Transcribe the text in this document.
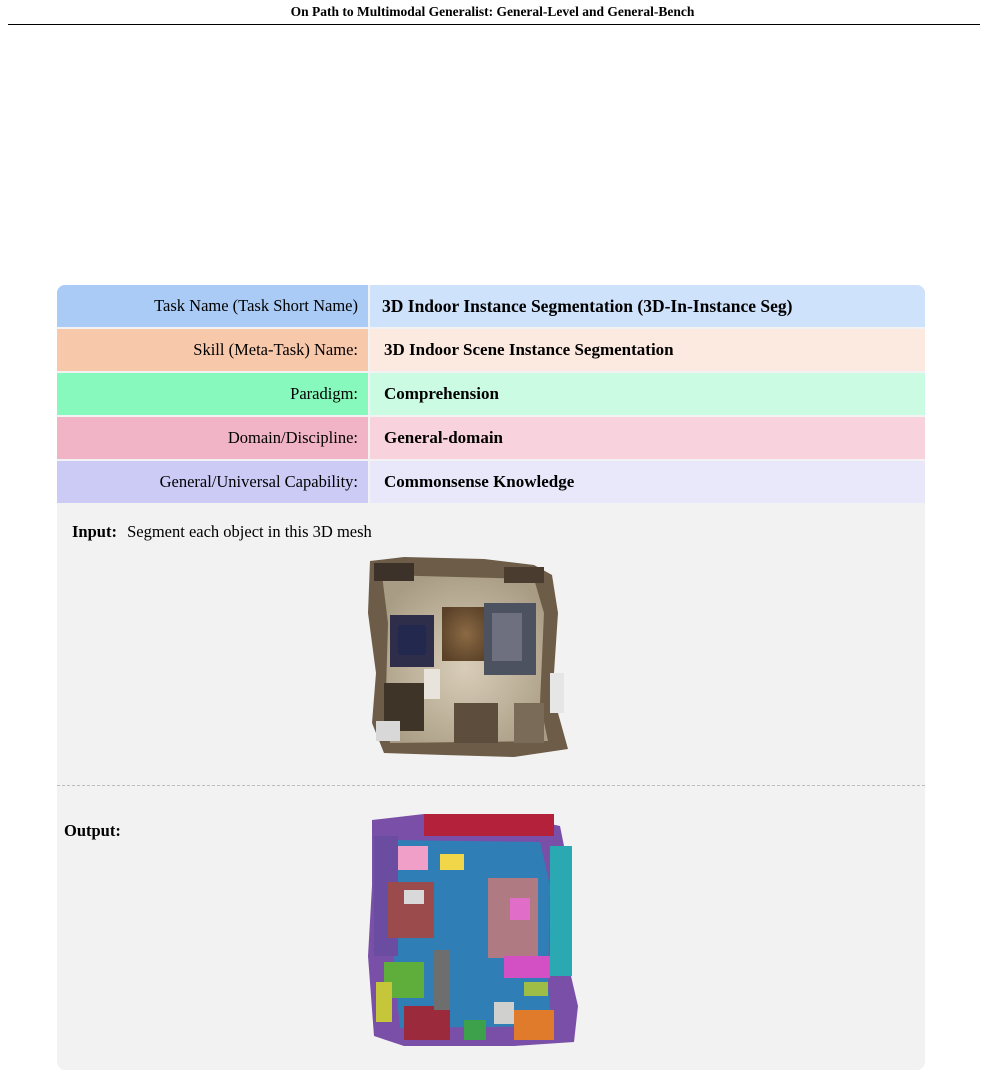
On Path to Multimodal Generalist: General-Level and General-Bench
Task Name (Task Short Name)	3D Indoor Instance Segmentation (3D-In-Instance Seg)
Skill (Meta-Task) Name:	3D Indoor Scene Instance Segmentation
Paradigm:	Comprehension
Domain/Discipline:	General-domain
General/Universal Capability:	Commonsense Knowledge
Input: Segment each object in this 3D mesh
Output:
